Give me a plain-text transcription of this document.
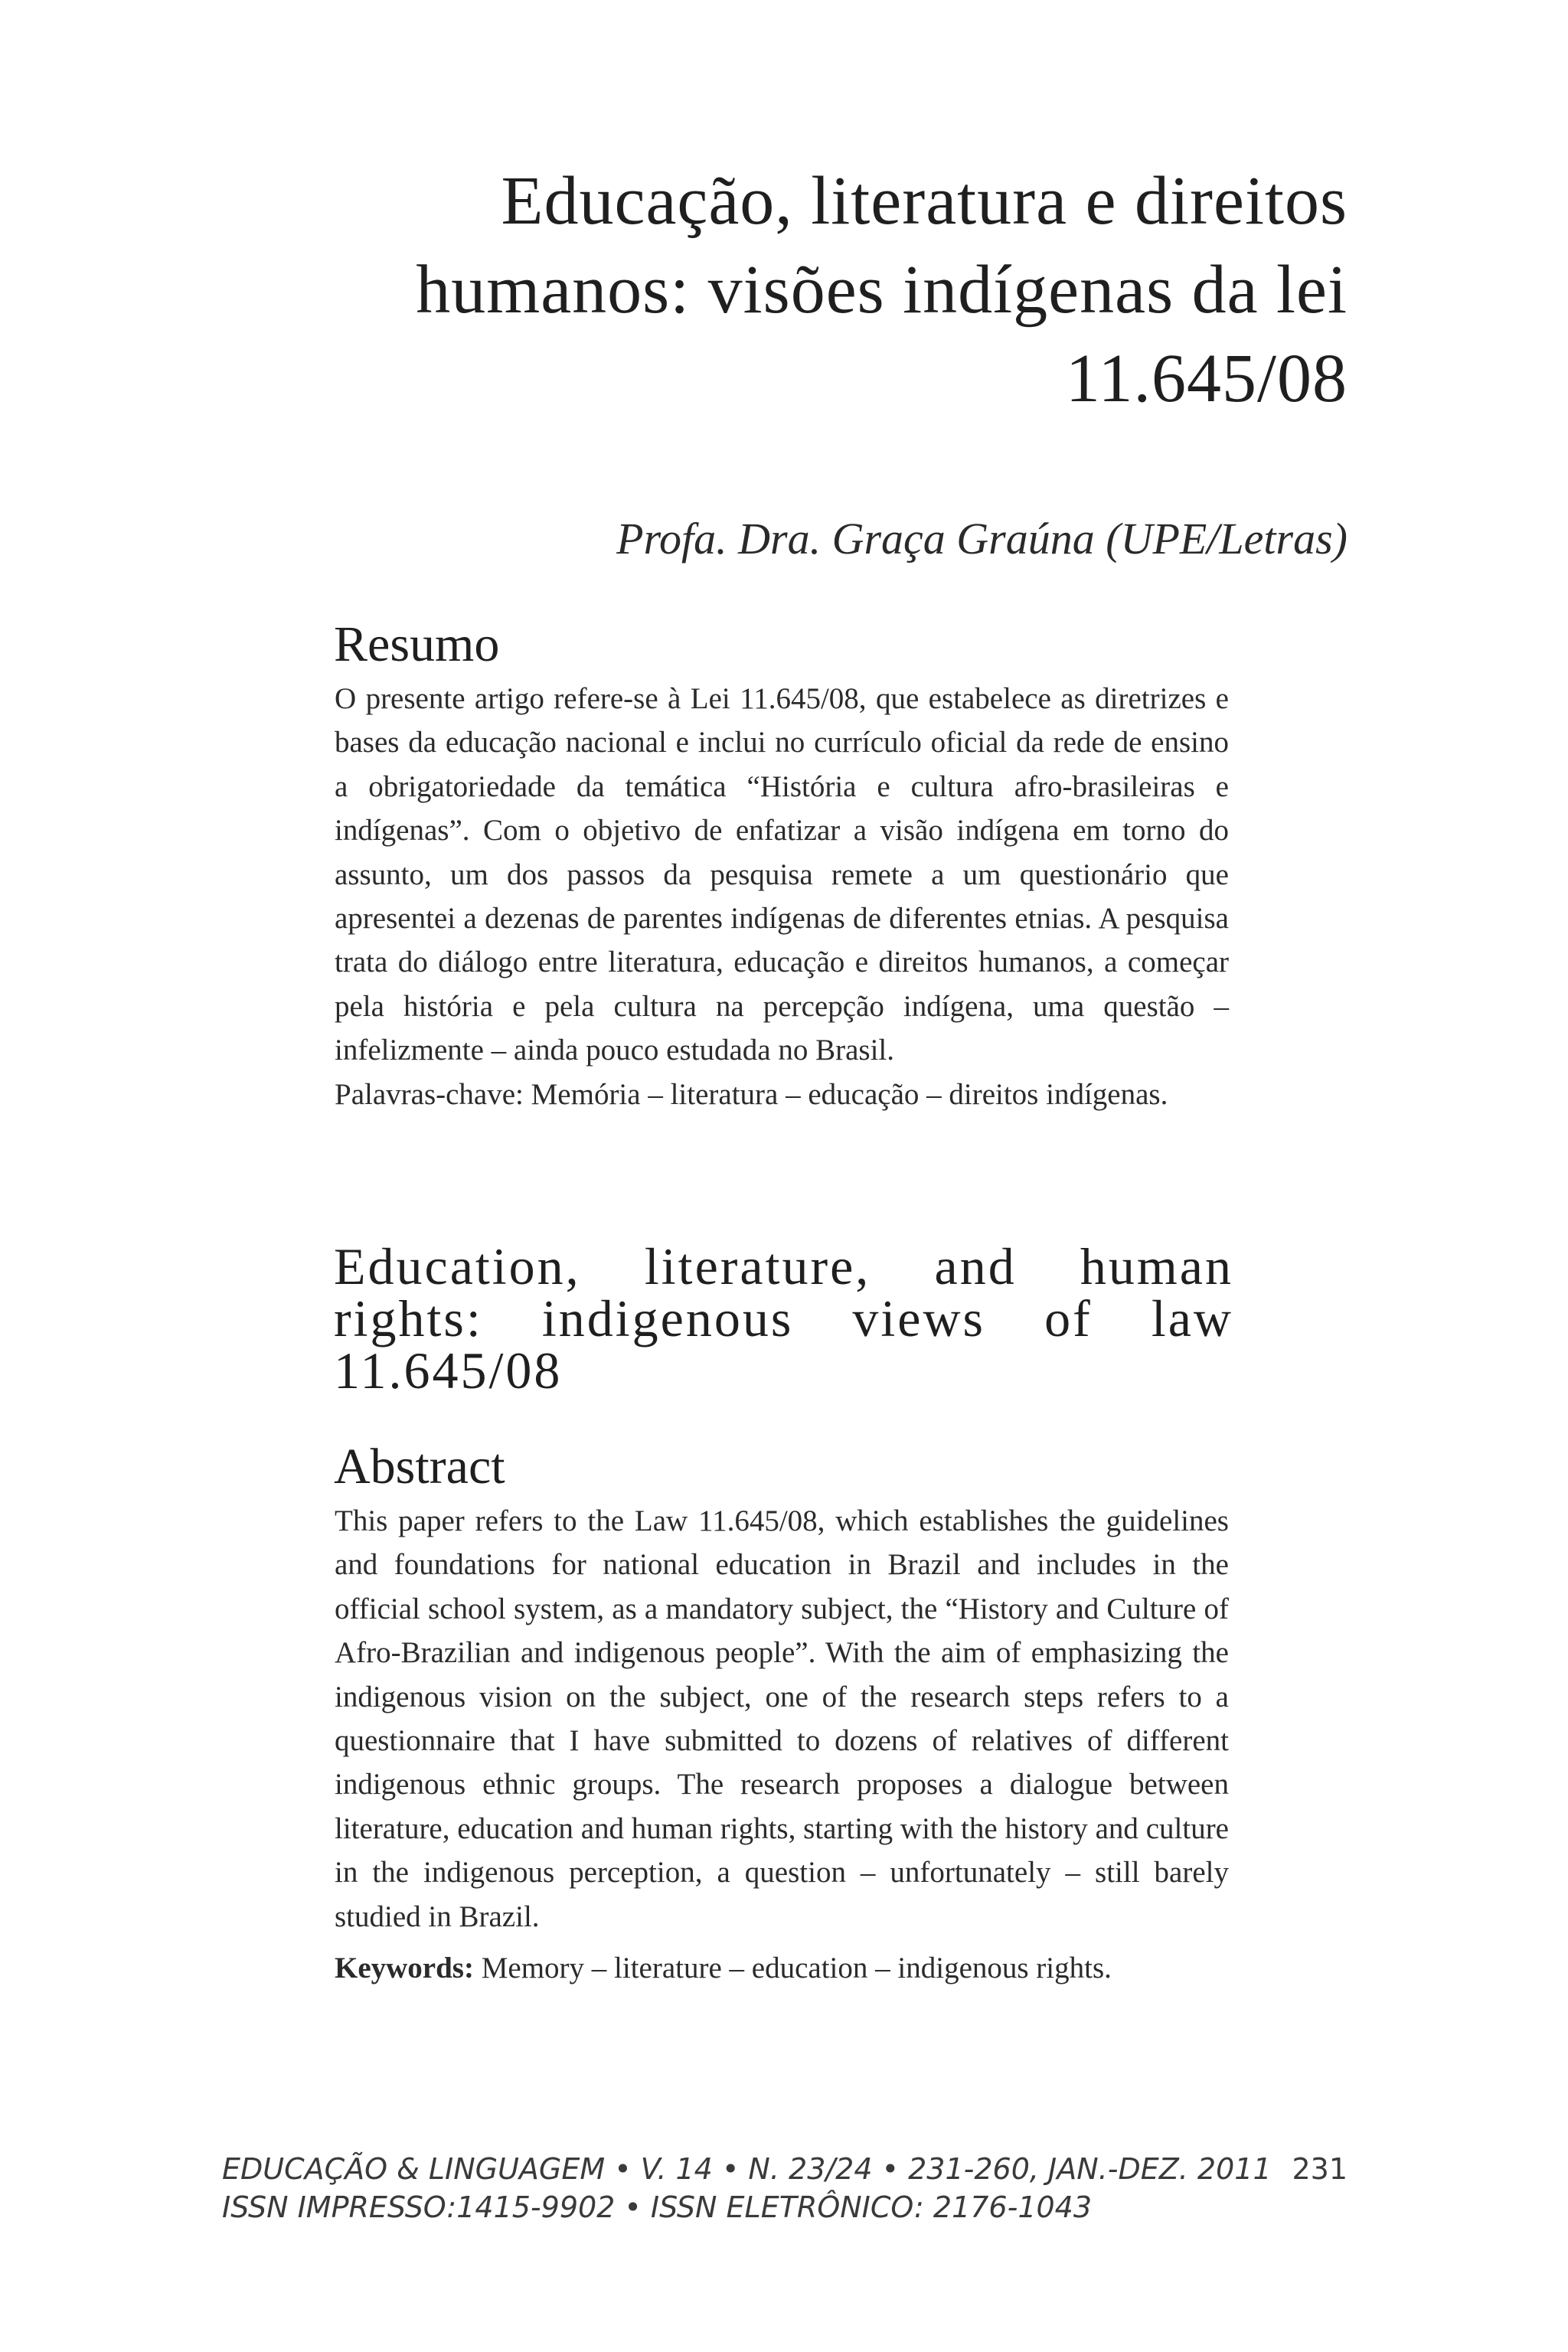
Educação, literatura e direitos
humanos: visões indígenas da lei
11.645/08
Profa. Dra. Graça Graúna (UPE/Letras)
Resumo

O presente artigo refere-se à Lei 11.645/08, que estabelece as diretrizes e bases da educação nacional e inclui no currículo oficial da rede de ensino a obrigatoriedade da temática “História e cultura afro-brasileiras e indígenas”. Com o objetivo de enfatizar a visão indígena em torno do assunto, um dos passos da pesquisa remete a um questionário que apresentei a dezenas de parentes indígenas de diferentes etnias. A pesquisa trata do diálogo entre literatura, educação e direitos humanos, a começar pela história e pela cultura na percepção indígena, uma questão – infelizmente – ainda pouco estudada no Brasil.

Palavras-chave: Memória – literatura – educação – direitos indígenas.

Education, literature, and human rights: indigenous views of law 11.645/08
Abstract

This paper refers to the Law 11.645/08, which establishes the guidelines and foundations for national education in Brazil and includes in the official school system, as a mandatory subject, the “History and Culture of Afro-Brazilian and indigenous people”. With the aim of emphasizing the indigenous vision on the subject, one of the research steps refers to a questionnaire that I have submitted to dozens of relatives of different indigenous ethnic groups. The research proposes a dialogue between literature, education and human rights, starting with the history and culture in the indigenous perception, a question – unfortunately – still barely studied in Brazil.

Keywords: Memory – literature – education – indigenous rights.

EDUCAÇÃO & LINGUAGEM • V. 14 • N. 23/24 • 231-260, JAN.-DEZ. 2011
ISSN IMPRESSO:1415-9902 • ISSN ELETRÔNICO: 2176-1043
231
